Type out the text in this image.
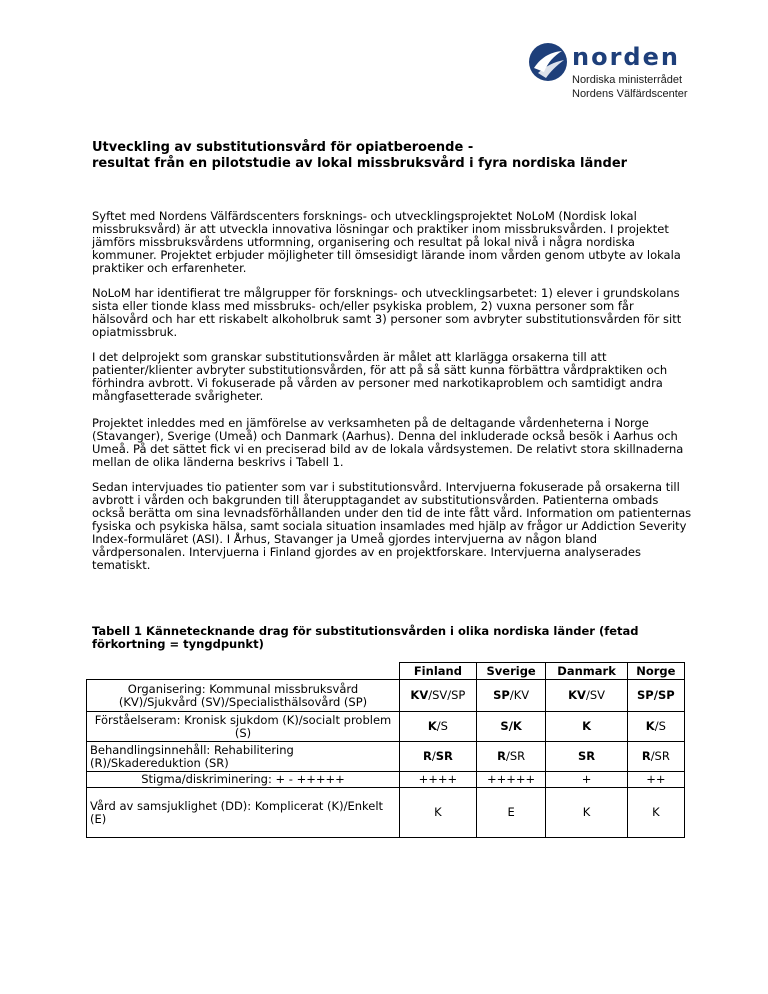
norden
Nordiska ministerrådet
Nordens Välfärdscenter
Utveckling av substitutionsvård för opiatberoende -
resultat från en pilotstudie av lokal missbruksvård i fyra nordiska länder

Syftet med Nordens Välfärdscenters forsknings- och utvecklingsprojektet NoLoM (Nordisk lokal missbruksvård) är att utveckla innovativa lösningar och praktiker inom missbruksvården. I projektet jämförs missbruksvårdens utformning, organisering och resultat på lokal nivå i några nordiska kommuner. Projektet erbjuder möjligheter till ömsesidigt lärande inom vården genom utbyte av lokala praktiker och erfarenheter.

NoLoM har identifierat tre målgrupper för forsknings- och utvecklingsarbetet: 1) elever i grundskolans sista eller tionde klass med missbruks- och/eller psykiska problem, 2) vuxna personer som får hälsovård och har ett riskabelt alkoholbruk samt 3) personer som avbryter substitutionsvården för sitt opiatmissbruk.

I det delprojekt som granskar substitutionsvården är målet att klarlägga orsakerna till att patienter/klienter avbryter substitutionsvården, för att på så sätt kunna förbättra vårdpraktiken och förhindra avbrott. Vi fokuserade på vården av personer med narkotikaproblem och samtidigt andra mångfasetterade svårigheter.

Projektet inleddes med en jämförelse av verksamheten på de deltagande vårdenheterna i Norge (Stavanger), Sverige (Umeå) och Danmark (Aarhus). Denna del inkluderade också besök i Aarhus och Umeå. På det sättet fick vi en preciserad bild av de lokala vårdsystemen. De relativt stora skillnaderna mellan de olika länderna beskrivs i Tabell 1.

Sedan intervjuades tio patienter som var i substitutionsvård. Intervjuerna fokuserade på orsakerna till avbrott i vården och bakgrunden till återupptagandet av substitutionsvården. Patienterna ombads också berätta om sina levnadsförhållanden under den tid de inte fått vård. Information om patienternas fysiska och psykiska hälsa, samt sociala situation insamlades med hjälp av frågor ur Addiction Severity Index-formuläret (ASI). I Århus, Stavanger ja Umeå gjordes intervjuerna av någon bland vårdpersonalen. Intervjuerna i Finland gjordes av en projektforskare. Intervjuerna analyserades tematiskt.

Tabell 1 Kännetecknande drag för substitutionsvården i olika nordiska länder (fetad förkortning = tyngdpunkt)
	Finland	Sverige	Danmark	Norge
Organisering: Kommunal missbruksvård (KV)/Sjukvård (SV)/Specialisthälsovård (SP)	KV/SV/SP	SP/KV	KV/SV	SP/SP
Förståelseram: Kronisk sjukdom (K)/socialt problem (S)	K/S	S/K	K	K/S
Behandlingsinnehåll: Rehabilitering (R)/Skadereduktion (SR)	R/SR	R/SR	SR	R/SR
Stigma/diskriminering: + - +++++	++++	+++++	+	++
Vård av samsjuklighet (DD): Komplicerat (K)/Enkelt (E)	K	E	K	K
